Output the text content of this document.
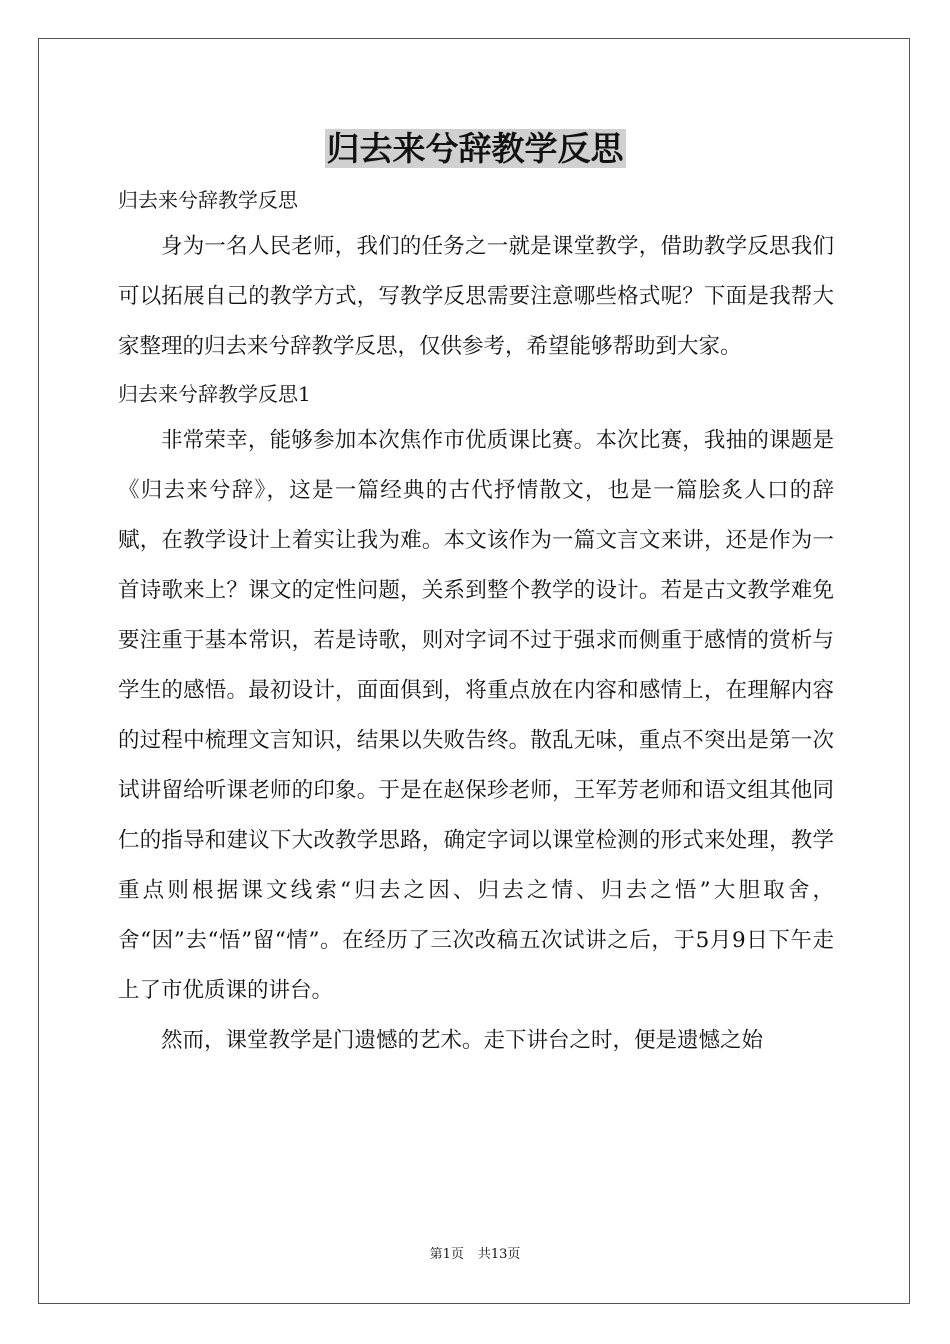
归去来兮辞教学反思

归去来兮辞教学反思

身为一名人民老师，我们的任务之一就是课堂教学，借助教学反思我们可以拓展自己的教学方式，写教学反思需要注意哪些格式呢？下面是我帮大家整理的归去来兮辞教学反思，仅供参考，希望能够帮助到大家。

归去来兮辞教学反思1

非常荣幸，能够参加本次焦作市优质课比赛。本次比赛，我抽的课题是《归去来兮辞》，这是一篇经典的古代抒情散文，也是一篇脍炙人口的辞赋，在教学设计上着实让我为难。本文该作为一篇文言文来讲，还是作为一首诗歌来上？课文的定性问题，关系到整个教学的设计。若是古文教学难免要注重于基本常识，若是诗歌，则对字词不过于强求而侧重于感情的赏析与学生的感悟。最初设计，面面俱到，将重点放在内容和感情上，在理解内容的过程中梳理文言知识，结果以失败告终。散乱无味，重点不突出是第一次试讲留给听课老师的印象。于是在赵保珍老师，王军芳老师和语文组其他同仁的指导和建议下大改教学思路，确定字词以课堂检测的形式来处理，教学重点则根据课文线索“归去之因、归去之情、归去之悟”大胆取舍，舍“因”去“悟”留“情”。在经历了三次改稿五次试讲之后，于5月9日下午走上了市优质课的讲台。

然而，课堂教学是门遗憾的艺术。走下讲台之时，便是遗憾之始

第1页 共13页
